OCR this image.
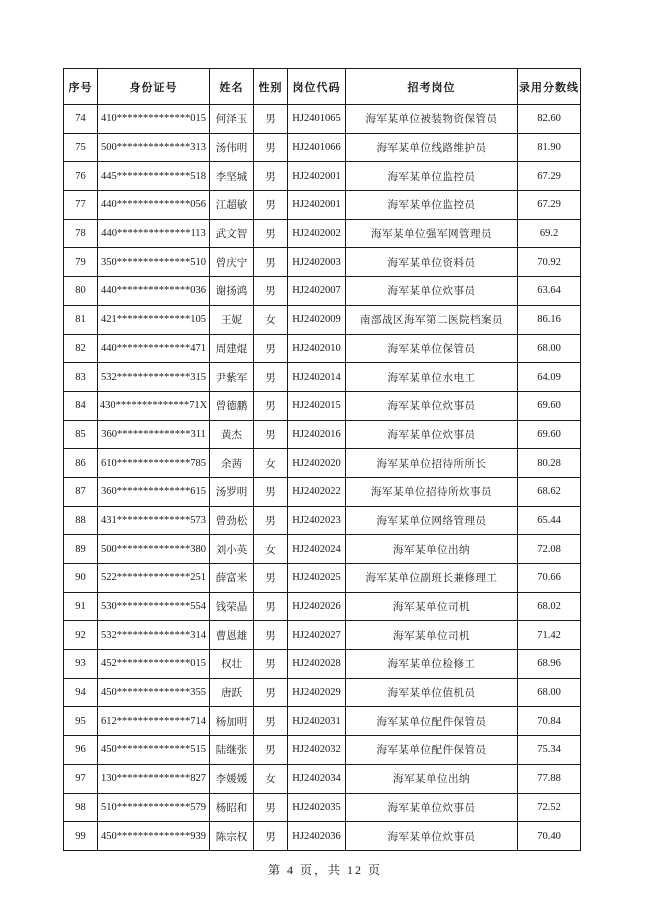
序号	身份证号	姓名	性别	岗位代码	招考岗位	录用分数线
74	410**************015	何泽玉	男	HJ2401065	海军某单位被装物资保管员	82.60
75	500**************313	汤伟明	男	HJ2401066	海军某单位线路维护员	81.90
76	445**************518	李坚城	男	HJ2402001	海军某单位监控员	67.29
77	440**************056	江超敏	男	HJ2402001	海军某单位监控员	67.29
78	440**************113	武文智	男	HJ2402002	海军某单位强军网管理员	69.2
79	350**************510	曾庆宁	男	HJ2402003	海军某单位资料员	70.92
80	440**************036	谢扬鸿	男	HJ2402007	海军某单位炊事员	63.64
81	421**************105	王妮	女	HJ2402009	南部战区海军第二医院档案员	86.16
82	440**************471	周建焜	男	HJ2402010	海军某单位保管员	68.00
83	532**************315	尹紫军	男	HJ2402014	海军某单位水电工	64.09
84	430**************71X	曾德鹏	男	HJ2402015	海军某单位炊事员	69.60
85	360**************311	黄杰	男	HJ2402016	海军某单位炊事员	69.60
86	610**************785	余茜	女	HJ2402020	海军某单位招待所所长	80.28
87	360**************615	汤罗明	男	HJ2402022	海军某单位招待所炊事员	68.62
88	431**************573	曾劲松	男	HJ2402023	海军某单位网络管理员	65.44
89	500**************380	刘小英	女	HJ2402024	海军某单位出纳	72.08
90	522**************251	薛富米	男	HJ2402025	海军某单位副班长兼修理工	70.66
91	530**************554	钱荣晶	男	HJ2402026	海军某单位司机	68.02
92	532**************314	曹恩雄	男	HJ2402027	海军某单位司机	71.42
93	452**************015	权壮	男	HJ2402028	海军某单位检修工	68.96
94	450**************355	唐跃	男	HJ2402029	海军某单位值机员	68.00
95	612**************714	杨加明	男	HJ2402031	海军某单位配件保管员	70.84
96	450**************515	陆继张	男	HJ2402032	海军某单位配件保管员	75.34
97	130**************827	李媛媛	女	HJ2402034	海军某单位出纳	77.88
98	510**************579	杨昭和	男	HJ2402035	海军某单位炊事员	72.52
99	450**************939	陈宗权	男	HJ2402036	海军某单位炊事员	70.40
第 4 页，共 12 页
